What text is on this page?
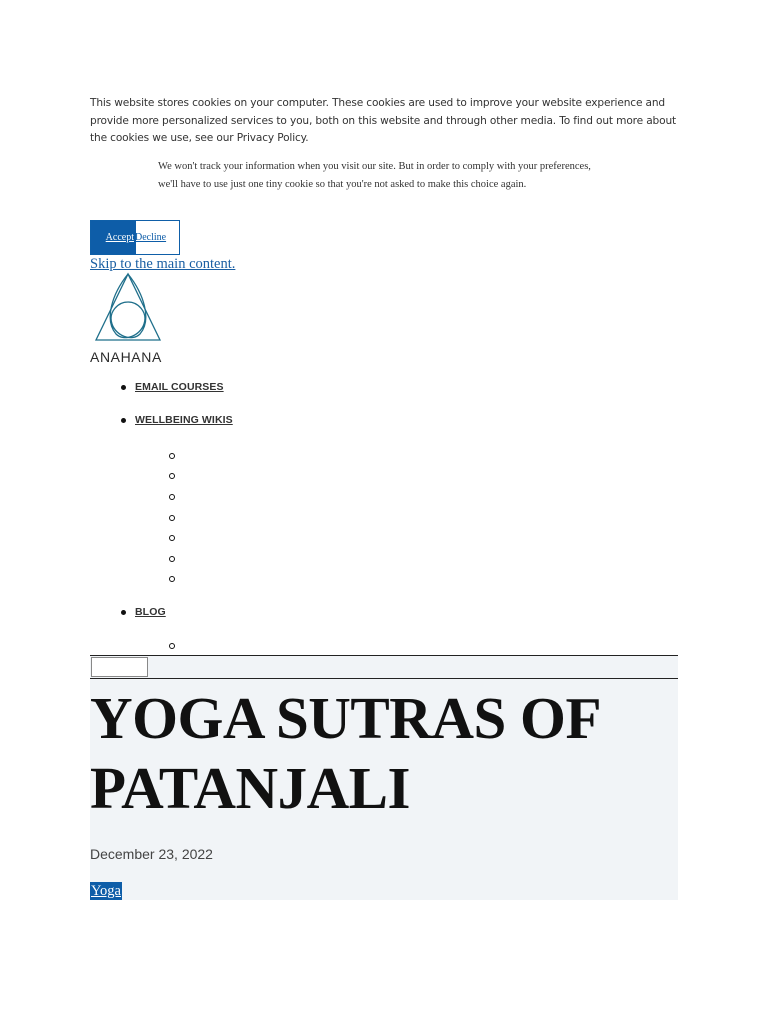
This website stores cookies on your computer. These cookies are used to improve your website experience and provide more personalized services to you, both on this website and through other media. To find out more about the cookies we use, see our Privacy Policy.
We won't track your information when you visit our site. But in order to comply with your preferences, we'll have to use just one tiny cookie so that you're not asked to make this choice again.
Accept Decline
Skip to the main content.
ANAHANA
EMAIL COURSES
WELLBEING WIKIS
BLOG
YOGA SUTRAS OF PATANJALI
December 23, 2022
Yoga
